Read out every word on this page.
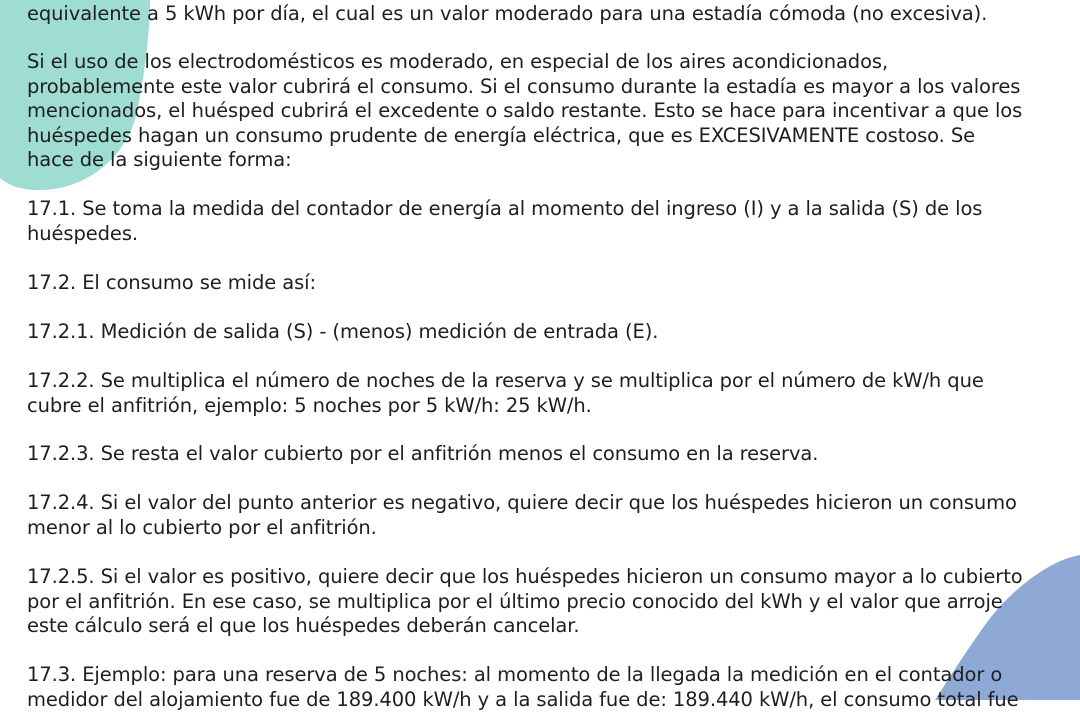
equivalente a 5 kWh por día, el cual es un valor moderado para una estadía cómoda (no excesiva).

Si el uso de los electrodomésticos es moderado, en especial de los aires acondicionados,
probablemente este valor cubrirá el consumo. Si el consumo durante la estadía es mayor a los valores
mencionados, el huésped cubrirá el excedente o saldo restante. Esto se hace para incentivar a que los
huéspedes hagan un consumo prudente de energía eléctrica, que es EXCESIVAMENTE costoso. Se
hace de la siguiente forma:

17.1. Se toma la medida del contador de energía al momento del ingreso (I) y a la salida (S) de los
huéspedes.

17.2. El consumo se mide así:

17.2.1. Medición de salida (S) - (menos) medición de entrada (E).

17.2.2. Se multiplica el número de noches de la reserva y se multiplica por el número de kW/h que
cubre el anfitrión, ejemplo: 5 noches por 5 kW/h: 25 kW/h.

17.2.3. Se resta el valor cubierto por el anfitrión menos el consumo en la reserva.

17.2.4. Si el valor del punto anterior es negativo, quiere decir que los huéspedes hicieron un consumo
menor al lo cubierto por el anfitrión.

17.2.5. Si el valor es positivo, quiere decir que los huéspedes hicieron un consumo mayor a lo cubierto
por el anfitrión. En ese caso, se multiplica por el último precio conocido del kWh y el valor que arroje
este cálculo será el que los huéspedes deberán cancelar.

17.3. Ejemplo: para una reserva de 5 noches: al momento de la llegada la medición en el contador o
medidor del alojamiento fue de 189.400 kW/h y a la salida fue de: 189.440 kW/h, el consumo total fue
